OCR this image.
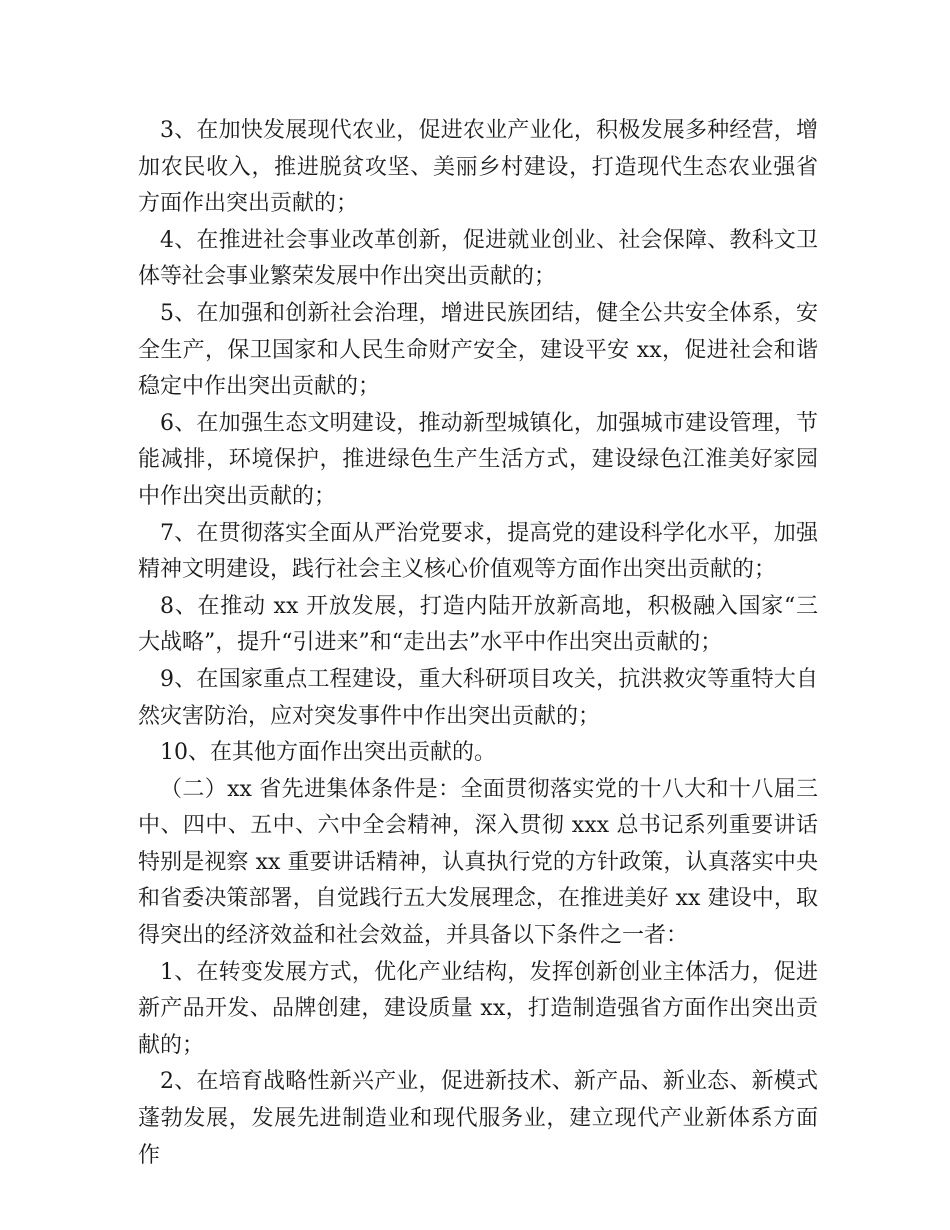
3、在加快发展现代农业，促进农业产业化，积极发展多种经营，增加农民收入，推进脱贫攻坚、美丽乡村建设，打造现代生态农业强省方面作出突出贡献的；

4、在推进社会事业改革创新，促进就业创业、社会保障、教科文卫体等社会事业繁荣发展中作出突出贡献的；

5、在加强和创新社会治理，增进民族团结，健全公共安全体系，安全生产，保卫国家和人民生命财产安全，建设平安 xx，促进社会和谐稳定中作出突出贡献的；

6、在加强生态文明建设，推动新型城镇化，加强城市建设管理，节能减排，环境保护，推进绿色生产生活方式，建设绿色江淮美好家园中作出突出贡献的；

7、在贯彻落实全面从严治党要求，提高党的建设科学化水平，加强精神文明建设，践行社会主义核心价值观等方面作出突出贡献的；

8、在推动 xx 开放发展，打造内陆开放新高地，积极融入国家“三大战略”，提升“引进来”和“走出去”水平中作出突出贡献的；

9、在国家重点工程建设，重大科研项目攻关，抗洪救灾等重特大自然灾害防治，应对突发事件中作出突出贡献的；

10、在其他方面作出突出贡献的。

（二）xx 省先进集体条件是：全面贯彻落实党的十八大和十八届三中、四中、五中、六中全会精神，深入贯彻 xxx 总书记系列重要讲话特别是视察 xx 重要讲话精神，认真执行党的方针政策，认真落实中央和省委决策部署，自觉践行五大发展理念，在推进美好 xx 建设中，取得突出的经济效益和社会效益，并具备以下条件之一者：

1、在转变发展方式，优化产业结构，发挥创新创业主体活力，促进新产品开发、品牌创建，建设质量 xx，打造制造强省方面作出突出贡献的；

2、在培育战略性新兴产业，促进新技术、新产品、新业态、新模式蓬勃发展，发展先进制造业和现代服务业，建立现代产业新体系方面作
